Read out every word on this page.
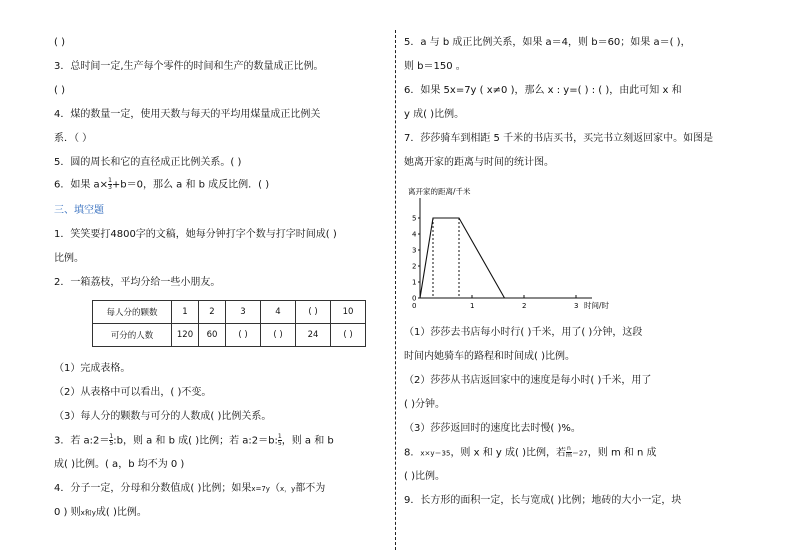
( )
3．总时间一定,生产每个零件的时间和生产的数量成正比例。
( )
4．煤的数量一定，使用天数与每天的平均用煤量成正比例关
系．（ ）
5．圆的周长和它的直径成正比例关系。( )
6．如果 $a\times \frac{1}{3} +b=0$，那么 a 和 b 成反比例．( )
三、填空题
1．笑笑要打4800字的文稿，她每分钟打字个数与打字时间成( )
比例。
2．一箱荔枝，平均分给一些小朋友。
每人分的颗数	1	2	3	4	( )	10
可分的人数	120	60	( )	( )	24	( )
（1）完成表格。
（2）从表格中可以看出，( )不变。
（3）每人分的颗数与可分的人数成( )比例关系。
3．若 a:2＝ $\frac{1}{5}$ :b，则 a 和 b 成( )比例；若 a:2＝b: $\frac{1}{5}$ ，则 a 和 b
成( )比例。( a，b 均不为 0 )
4．分子一定，分母和分数值成( )比例；如果x=7y（x，y都不为
0 ) 则x和y成( )比例。
5．a 与 b 成正比例关系，如果 a＝4，则 b＝60；如果 a＝( )，
则 b＝150 。
6．如果 5x=7y ( x≠0 )，那么 x : y=( ) : ( )，由此可知 x 和
y 成( )比例。
7．莎莎骑车到相距 5 千米的书店买书，买完书立刻返回家中。如图是
她离开家的距离与时间的统计图。
离开家的距离/千米
0
1
2
3
4
5
0	1	2	3 时间/时
（1）莎莎去书店每小时行( )千米，用了( )分钟，这段
时间内她骑车的路程和时间成( )比例。
（2）莎莎从书店返回家中的速度是每小时( )千米，用了
( )分钟。
（3）莎莎返回时的速度比去时慢( )%。
8．x×y＝35，则 x 和 y 成( )比例，若 $\frac{n}{m} =27$，则 m 和 n 成
( )比例。
9．长方形的面积一定，长与宽成( )比例；地砖的大小一定，块
